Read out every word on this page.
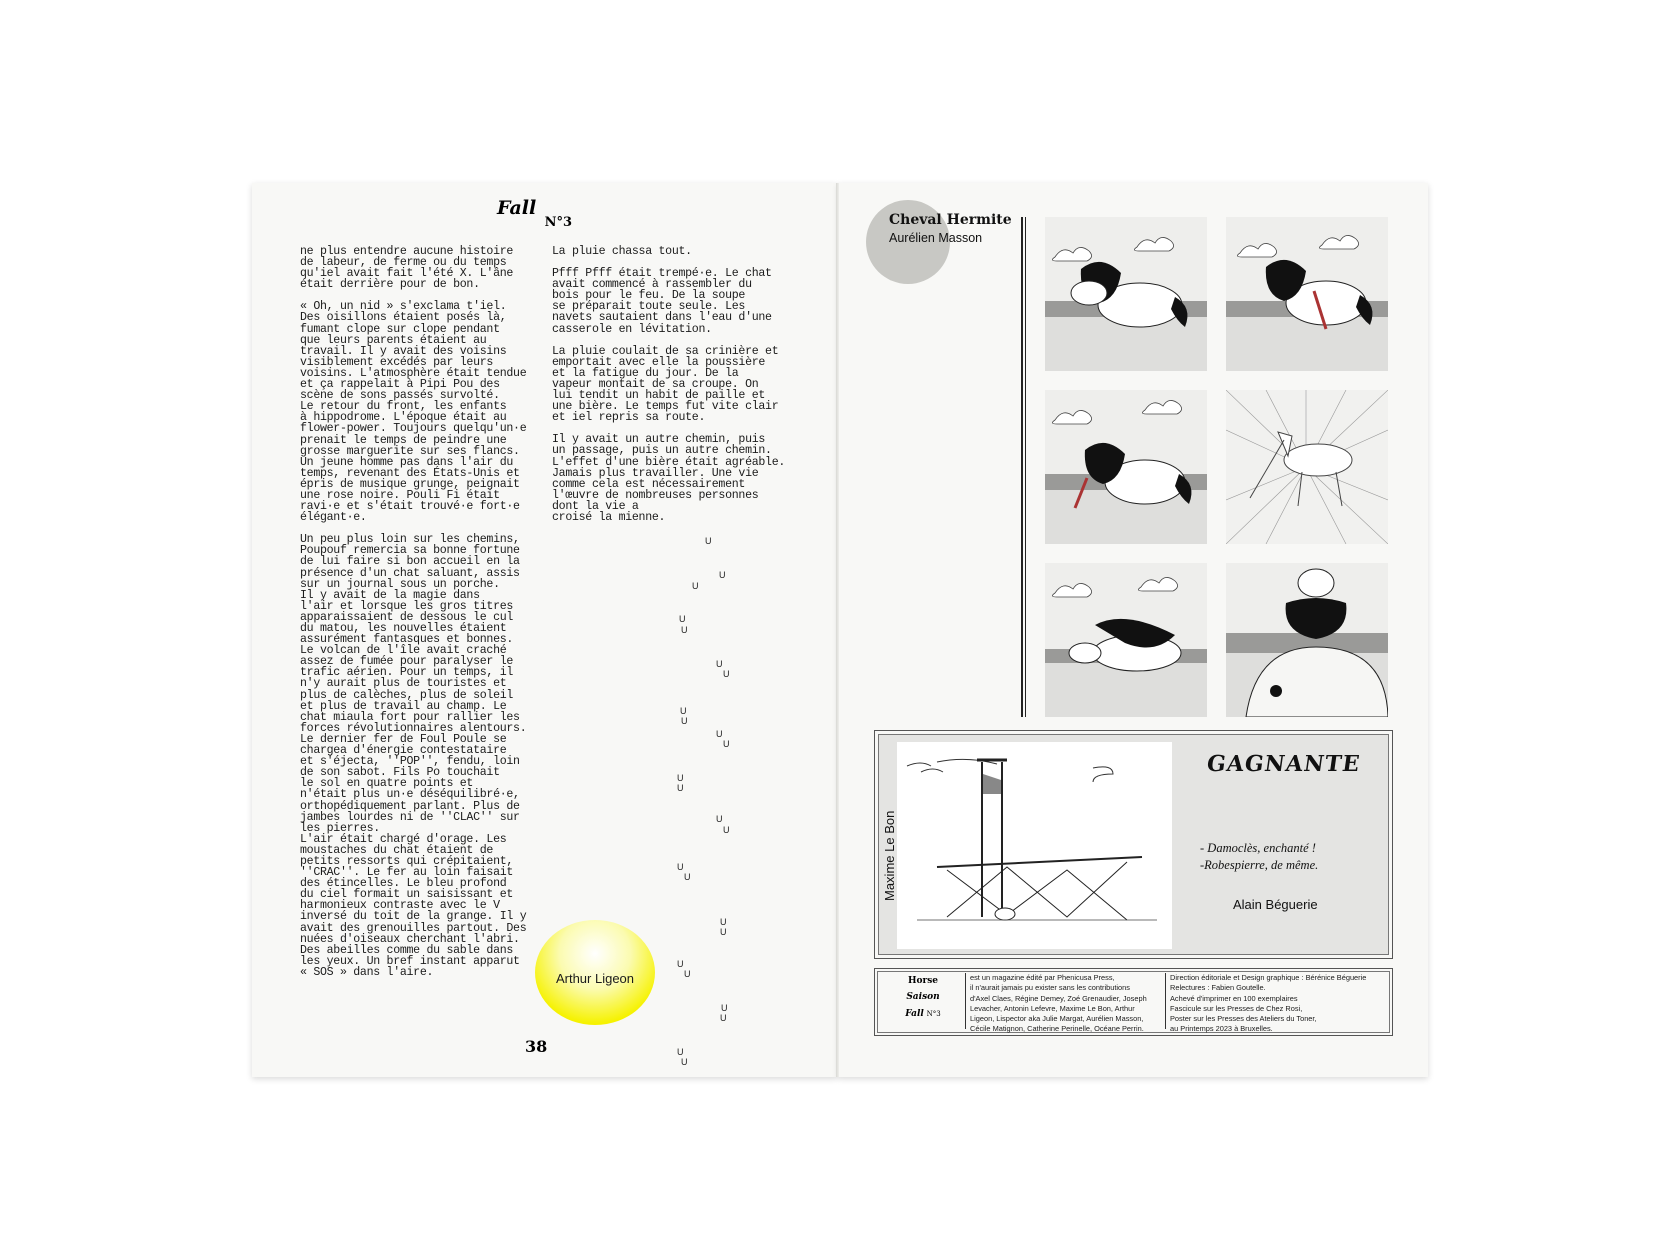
Fall $_{N^\circ 3}$

ne plus entendre aucune histoire
de labeur, de ferme ou du temps
qu'iel avait fait l'été X. L'âne
était derrière pour de bon.

« Oh, un nid » s'exclama t'iel.
Des oisillons étaient posés là,
fumant clope sur clope pendant
que leurs parents étaient au
travail. Il y avait des voisins
visiblement excédés par leurs
voisins. L'atmosphère était tendue
et ça rappelait à Pipi Pou des
scène de sons passés survolté.
Le retour du front, les enfants
à hippodrome. L'époque était au
flower-power. Toujours quelqu'un·e
prenait le temps de peindre une
grosse marguerite sur ses flancs.
Un jeune homme pas dans l'air du
temps, revenant des États-Unis et
épris de musique grunge, peignait
une rose noire. Pouli Fi était
ravi·e et s'était trouvé·e fort·e
élégant·e.

Un peu plus loin sur les chemins,
Poupouf remercia sa bonne fortune
de lui faire si bon accueil en la
présence d'un chat saluant, assis
sur un journal sous un porche.
Il y avait de la magie dans
l'air et lorsque les gros titres
apparaissaient de dessous le cul
du matou, les nouvelles étaient
assurément fantasques et bonnes.
Le volcan de l'île avait craché
assez de fumée pour paralyser le
trafic aérien. Pour un temps, il
n'y aurait plus de touristes et
plus de calèches, plus de soleil
et plus de travail au champ. Le
chat miaula fort pour rallier les
forces révolutionnaires alentours.
Le dernier fer de Foul Poule se
chargea d'énergie contestataire
et s'éjecta, ''POP'', fendu, loin
de son sabot. Fils Po touchait
le sol en quatre points et
n'était plus un·e déséquilibré·e,
orthopédiquement parlant. Plus de
jambes lourdes ni de ''CLAC'' sur
les pierres.
L'air était chargé d'orage. Les
moustaches du chat étaient de
petits ressorts qui crépitaient,
''CRAC''. Le fer au loin faisait
des étincelles. Le bleu profond
du ciel formait un saisissant et
harmonieux contraste avec le V
inversé du toit de la grange. Il y
avait des grenouilles partout. Des
nuées d'oiseaux cherchant l'abri.
Des abeilles comme du sable dans
les yeux. Un bref instant apparut
« SOS » dans l'aire.

La pluie chassa tout.

Pfff Pfff était trempé·e. Le chat
avait commencé à rassembler du
bois pour le feu. De la soupe
se préparait toute seule. Les
navets sautaient dans l'eau d'une
casserole en lévitation.

La pluie coulait de sa crinière et
emportait avec elle la poussière
et la fatigue du jour. De la
vapeur montait de sa croupe. On
lui tendit un habit de paille et
une bière. Le temps fut vite clair
et iel repris sa route.

Il y avait un autre chemin, puis
un passage, puis un autre chemin.
L'effet d'une bière était agréable.
Jamais plus travailler. Une vie
comme cela est nécessairement
l'œuvre de nombreuses personnes
dont la vie a
croisé la mienne.

U
U
U
U
U
U
U
U
U
U
U
U
U
U
U
U
U
U
U
U
U
U
U
U
U
Arthur Ligeon
38
Cheval Hermite
Aurélien Masson
Maxime Le Bon
GAGNANTE
- Damoclès, enchanté !
-Robespierre, de même.
Alain Béguerie
Horse
Saison
Fall N°3
est un magazine édité par Phenicusa Press,
il n'aurait jamais pu exister sans les contributions
d'Axel Claes, Régine Demey, Zoé Grenaudier, Joseph
Levacher, Antonin Lefevre, Maxime Le Bon, Arthur
Ligeon, Lispector aka Julie Margat, Aurélien Masson,
Cécile Matignon, Catherine Perinelle, Océane Perrin.
Direction éditoriale et Design graphique : Bérénice Béguerie
Relectures : Fabien Goutelle.
Achevé d'imprimer en 100 exemplaires
Fascicule sur les Presses de Chez Rosi,
Poster sur les Presses des Ateliers du Toner,
au Printemps 2023 à Bruxelles.
